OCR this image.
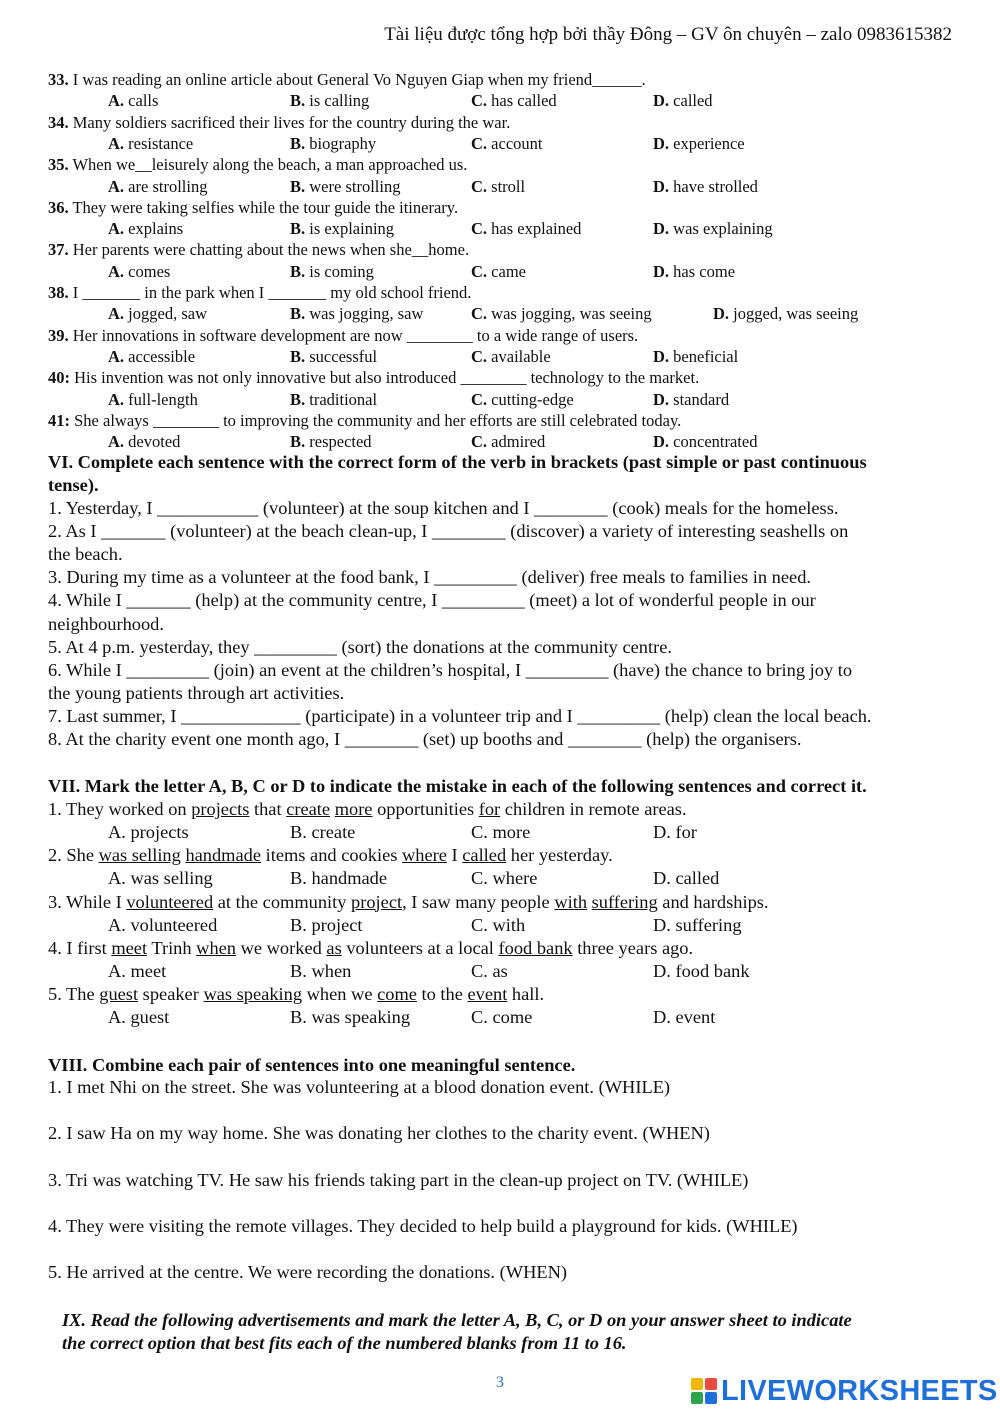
Tài liệu được tổng hợp bởi thầy Đông – GV ôn chuyên – zalo 0983615382
33. I was reading an online article about General Vo Nguyen Giap when my friend______.
A. calls	B. is calling	C. has called	D. called
34. Many soldiers sacrificed their lives for the country during the war.
A. resistance	B. biography	C. account	D. experience
35. When we__leisurely along the beach, a man approached us.
A. are strolling	B. were strolling	C. stroll	D. have strolled
36. They were taking selfies while the tour guide the itinerary.
A. explains	B. is explaining	C. has explained	D. was explaining
37. Her parents were chatting about the news when she__home.
A. comes	B. is coming	C. came	D. has come
38. I _______ in the park when I _______ my old school friend.
A. jogged, saw	B. was jogging, saw	C. was jogging, was seeing	D. jogged, was seeing
39. Her innovations in software development are now ________ to a wide range of users.
A. accessible	B. successful	C. available	D. beneficial
40: His invention was not only innovative but also introduced ________ technology to the market.
A. full-length	B. traditional	C. cutting-edge	D. standard
41: She always ________ to improving the community and her efforts are still celebrated today.
A. devoted	B. respected	C. admired	D. concentrated
VI. Complete each sentence with the correct form of the verb in brackets (past simple or past continuous
tense).
1. Yesterday, I ___________ (volunteer) at the soup kitchen and I ________ (cook) meals for the homeless.
2. As I _______ (volunteer) at the beach clean-up, I ________ (discover) a variety of interesting seashells on
the beach.
3. During my time as a volunteer at the food bank, I _________ (deliver) free meals to families in need.
4. While I _______ (help) at the community centre, I _________ (meet) a lot of wonderful people in our
neighbourhood.
5. At 4 p.m. yesterday, they _________ (sort) the donations at the community centre.
6. While I _________ (join) an event at the children’s hospital, I _________ (have) the chance to bring joy to
the young patients through art activities.
7. Last summer, I _____________ (participate) in a volunteer trip and I _________ (help) clean the local beach.
8. At the charity event one month ago, I ________ (set) up booths and ________ (help) the organisers.
VII. Mark the letter A, B, C or D to indicate the mistake in each of the following sentences and correct it.
1. They worked on projects that create more opportunities for children in remote areas.
A. projects	B. create	C. more	D. for
2. She was selling handmade items and cookies where I called her yesterday.
A. was selling	B. handmade	C. where	D. called
3. While I volunteered at the community project, I saw many people with suffering and hardships.
A. volunteered	B. project	C. with	D. suffering
4. I first meet Trinh when we worked as volunteers at a local food bank three years ago.
A. meet	B. when	C. as	D. food bank
5. The guest speaker was speaking when we come to the event hall.
A. guest	B. was speaking	C. come	D. event
VIII. Combine each pair of sentences into one meaningful sentence.
1. I met Nhi on the street. She was volunteering at a blood donation event. (WHILE)
2. I saw Ha on my way home. She was donating her clothes to the charity event. (WHEN)
3. Tri was watching TV. He saw his friends taking part in the clean-up project on TV. (WHILE)
4. They were visiting the remote villages. They decided to help build a playground for kids. (WHILE)
5. He arrived at the centre. We were recording the donations. (WHEN)
IX. Read the following advertisements and mark the letter A, B, C, or D on your answer sheet to indicate
the correct option that best fits each of the numbered blanks from 11 to 16.
3	LIVEWORKSHEETS
